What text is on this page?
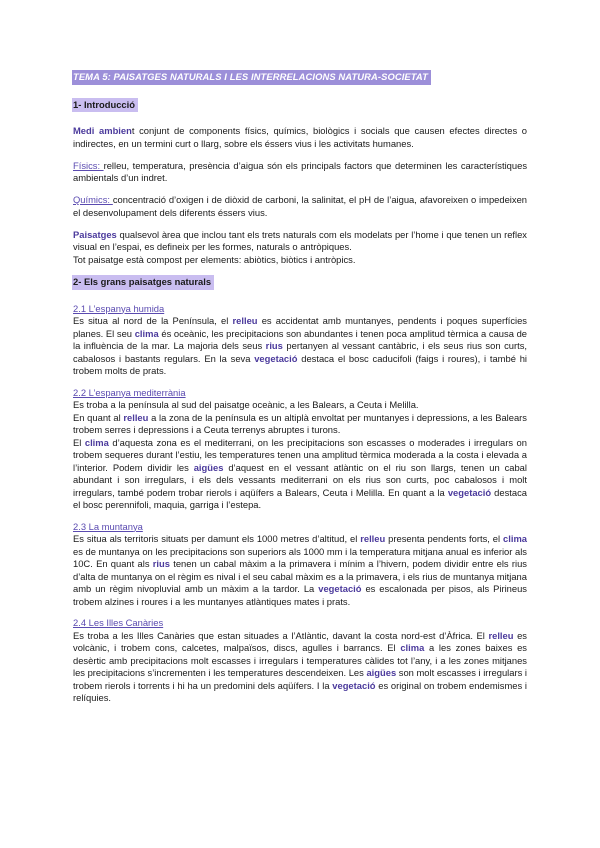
TEMA 5: PAISATGES NATURALS I LES INTERRELACIONS NATURA-SOCIETAT
1- Introducció

Medi ambient conjunt de components físics, químics, biològics i socials que causen efectes directes o indirectes, en un termini curt o llarg, sobre els éssers vius i les activitats humanes.

Físics: relleu, temperatura, presència d’aigua són els principals factors que determinen les característiques ambientals d’un indret.

Químics: concentració d’oxigen i de diòxid de carboni, la salinitat, el pH de l’aigua, afavoreixen o impedeixen el desenvolupament dels diferents éssers vius.

Paisatges qualsevol àrea que inclou tant els trets naturals com els modelats per l’home i que tenen un reflex visual en l’espai, es defineix per les formes, naturals o antròpiques.

Tot paisatge està compost per elements: abiòtics, biòtics i antròpics.

2- Els grans paisatges naturals
2.1 L’espanya humida

Es situa al nord de la Península, el relleu es accidentat amb muntanyes, pendents i poques superfícies planes. El seu clima és oceànic, les precipitacions son abundantes i tenen poca amplitud tèrmica a causa de la influència de la mar. La majoria dels seus rius pertanyen al vessant cantàbric, i els seus rius son curts, cabalosos i bastants regulars. En la seva vegetació destaca el bosc caducifoli (faigs i roures), i també hi trobem molts de prats.

2.2 L’espanya mediterrània

Es troba a la península al sud del paisatge oceànic, a les Balears, a Ceuta i Melilla.

En quant al relleu a la zona de la península es un altiplà envoltat per muntanyes i depressions, a les Balears trobem serres i depressions i a Ceuta terrenys abruptes i turons.

El clima d’aquesta zona es el mediterrani, on les precipitacions son escasses o moderades i irregulars on trobem sequeres durant l’estiu, les temperatures tenen una amplitud tèrmica moderada a la costa i elevada a l’interior. Podem dividir les aigües d’aquest en el vessant atlàntic on el riu son llargs, tenen un cabal abundant i son irregulars, i els dels vessants mediterrani on els rius son curts, poc cabalosos i molt irregulars, també podem trobar rierols i aqüífers a Balears, Ceuta i Melilla. En quant a la vegetació destaca el bosc perennifoli, maquia, garriga i l’estepa.

2.3 La muntanya

Es situa als territoris situats per damunt els 1000 metres d’altitud, el relleu presenta pendents forts, el clima es de muntanya on les precipitacions son superiors als 1000 mm i la temperatura mitjana anual es inferior als 10C. En quant als rius tenen un cabal màxim a la primavera i mínim a l’hivern, podem dividir entre els rius d’alta de muntanya on el règim es nival i el seu cabal màxim es a la primavera, i els rius de muntanya mitjana amb un règim nivopluvial amb un màxim a la tardor. La vegetació es escalonada per pisos, als Pirineus trobem alzines i roures i a les muntanyes atlàntiques mates i prats.

2.4 Les Illes Canàries

Es troba a les Illes Canàries que estan situades a l’Atlàntic, davant la costa nord-est d’Àfrica. El relleu es volcànic, i trobem cons, calcetes, malpaïsos, discs, agulles i barrancs. El clima a les zones baixes es desèrtic amb precipitacions molt escasses i irregulars i temperatures càlides tot l’any, i a les zones mitjanes les precipitacions s’incrementen i les temperatures descendeixen. Les aigües son molt escasses i irregulars i trobem rierols i torrents i hi ha un predomini dels aqüífers. I la vegetació es original on trobem endemismes i relíquies.
